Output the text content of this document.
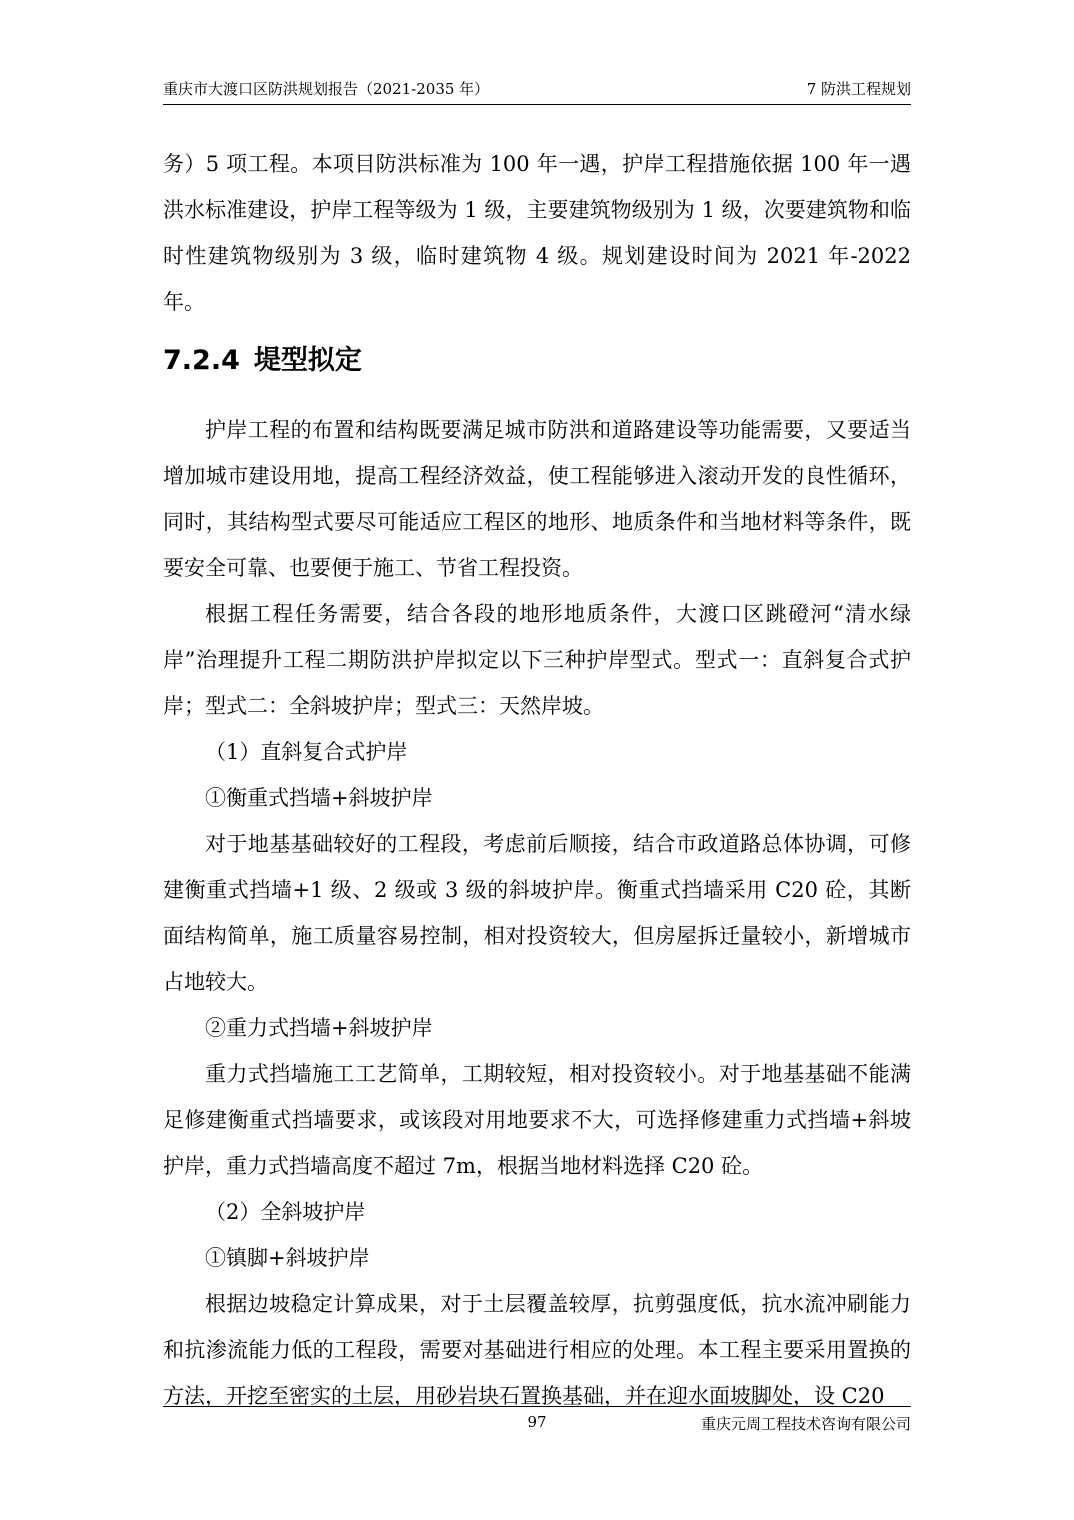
重庆市大渡口区防洪规划报告（2021-2035 年）	7 防洪工程规划

务）5 项工程。本项目防洪标准为 100 年一遇，护岸工程措施依据 100 年一遇洪水标准建设，护岸工程等级为 1 级，主要建筑物级别为 1 级，次要建筑物和临时性建筑物级别为 3 级，临时建筑物 4 级。规划建设时间为 2021 年-2022 年。

7.2.4 堤型拟定

护岸工程的布置和结构既要满足城市防洪和道路建设等功能需要，又要适当增加城市建设用地，提高工程经济效益，使工程能够进入滚动开发的良性循环，同时，其结构型式要尽可能适应工程区的地形、地质条件和当地材料等条件，既要安全可靠、也要便于施工、节省工程投资。

根据工程任务需要，结合各段的地形地质条件，大渡口区跳磴河“清水绿岸”治理提升工程二期防洪护岸拟定以下三种护岸型式。型式一：直斜复合式护岸；型式二：全斜坡护岸；型式三：天然岸坡。

（1）直斜复合式护岸

①衡重式挡墙+斜坡护岸

对于地基基础较好的工程段，考虑前后顺接，结合市政道路总体协调，可修建衡重式挡墙+1 级、2 级或 3 级的斜坡护岸。衡重式挡墙采用 C20 砼，其断面结构简单，施工质量容易控制，相对投资较大，但房屋拆迁量较小，新增城市占地较大。

②重力式挡墙+斜坡护岸

重力式挡墙施工工艺简单，工期较短，相对投资较小。对于地基基础不能满足修建衡重式挡墙要求，或该段对用地要求不大，可选择修建重力式挡墙+斜坡护岸，重力式挡墙高度不超过 7m，根据当地材料选择 C20 砼。

（2）全斜坡护岸

①镇脚+斜坡护岸

根据边坡稳定计算成果，对于土层覆盖较厚，抗剪强度低，抗水流冲刷能力和抗渗流能力低的工程段，需要对基础进行相应的处理。本工程主要采用置换的方法，开挖至密实的土层，用砂岩块石置换基础，并在迎水面坡脚处，设 C20

97	重庆元周工程技术咨询有限公司
